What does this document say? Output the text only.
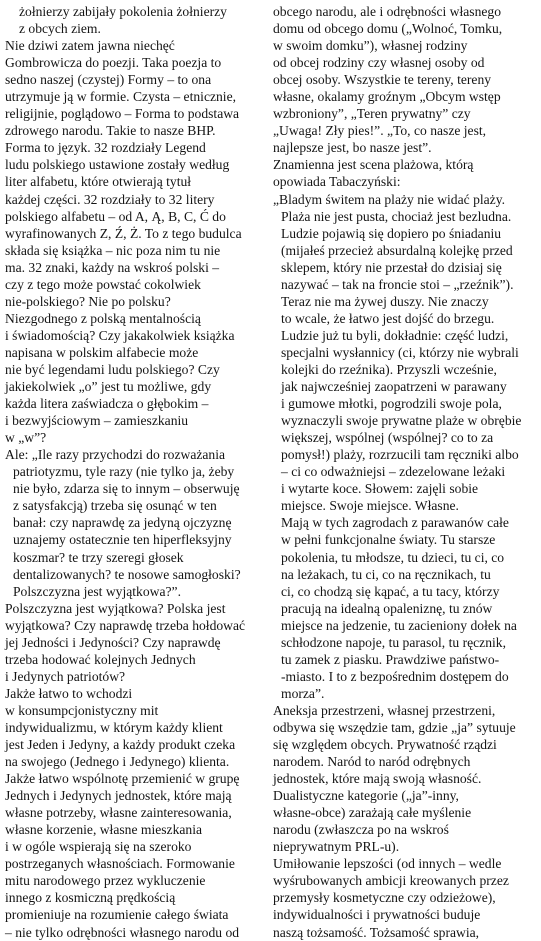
żołnierzy zabijały pokolenia żołnierzy
z obcych ziem.
Nie dziwi zatem jawna niechęć
Gombrowicza do poezji. Taka poezja to
sedno naszej (czystej) Formy – to ona
utrzymuje ją w formie. Czysta – etnicznie,
religijnie, poglądowo – Forma to podstawa
zdrowego narodu. Takie to nasze BHP.
Forma to język. 32 rozdziały Legend
ludu polskiego ustawione zostały według
liter alfabetu, które otwierają tytuł
każdej części. 32 rozdziały to 32 litery
polskiego alfabetu – od A, Ą, B, C, Ć do
wyrafinowanych Z, Ź, Ż. To z tego budulca
składa się książka – nic poza nim tu nie
ma. 32 znaki, każdy na wskroś polski –
czy z tego może powstać cokolwiek
nie-polskiego? Nie po polsku?
Niezgodnego z polską mentalnością
i świadomością? Czy jakakolwiek książka
napisana w polskim alfabecie może
nie być legendami ludu polskiego? Czy
jakiekolwiek „o” jest tu możliwe, gdy
każda litera zaświadcza o głębokim –
i bezwyjściowym – zamieszkaniu
w „w”?
Ale: „Ile razy przychodzi do rozważania
patriotyzmu, tyle razy (nie tylko ja, żeby
nie było, zdarza się to innym – obserwuję
z satysfakcją) trzeba się osunąć w ten
banał: czy naprawdę za jedyną ojczyznę
uznajemy ostatecznie ten hiperfleksyjny
koszmar? te trzy szeregi głosek
dentalizowanych? te nosowe samogłoski?
Polszczyzna jest wyjątkowa?”.
Polszczyzna jest wyjątkowa? Polska jest
wyjątkowa? Czy naprawdę trzeba hołdować
jej Jedności i Jedyności? Czy naprawdę
trzeba hodować kolejnych Jednych
i Jedynych patriotów?
Jakże łatwo to wchodzi
w konsumpcjonistyczny mit
indywidualizmu, w którym każdy klient
jest Jeden i Jedyny, a każdy produkt czeka
na swojego (Jednego i Jedynego) klienta.
Jakże łatwo wspólnotę przemienić w grupę
Jednych i Jedynych jednostek, które mają
własne potrzeby, własne zainteresowania,
własne korzenie, własne mieszkania
i w ogóle wspierają się na szeroko
postrzeganych własnościach. Formowanie
mitu narodowego przez wykluczenie
innego z kosmiczną prędkością
promieniuje na rozumienie całego świata
– nie tylko odrębności własnego narodu od
obcego narodu, ale i odrębności własnego
domu od obcego domu („Wolnoć, Tomku,
w swoim domku”), własnej rodziny
od obcej rodziny czy własnej osoby od
obcej osoby. Wszystkie te tereny, tereny
własne, okalamy groźnym „Obcym wstęp
wzbroniony”, „Teren prywatny” czy
„Uwaga! Zły pies!”. „To, co nasze jest,
najlepsze jest, bo nasze jest”.
Znamienna jest scena plażowa, którą
opowiada Tabaczyński:
„Bladym świtem na plaży nie widać plaży.
Plaża nie jest pusta, chociaż jest bezludna.
Ludzie pojawią się dopiero po śniadaniu
(mijałeś przecież absurdalną kolejkę przed
sklepem, który nie przestał do dzisiaj się
nazywać – tak na froncie stoi – „rzeźnik”).
Teraz nie ma żywej duszy. Nie znaczy
to wcale, że łatwo jest dojść do brzegu.
Ludzie już tu byli, dokładnie: część ludzi,
specjalni wysłannicy (ci, którzy nie wybrali
kolejki do rzeźnika). Przyszli wcześnie,
jak najwcześniej zaopatrzeni w parawany
i gumowe młotki, pogrodzili swoje pola,
wyznaczyli swoje prywatne plaże w obrębie
większej, wspólnej (wspólnej? co to za
pomysł!) plaży, rozrzucili tam ręczniki albo
– ci co odważniejsi – zdezelowane leżaki
i wytarte koce. Słowem: zajęli sobie
miejsce. Swoje miejsce. Własne.
Mają w tych zagrodach z parawanów całe
w pełni funkcjonalne światy. Tu starsze
pokolenia, tu młodsze, tu dzieci, tu ci, co
na leżakach, tu ci, co na ręcznikach, tu
ci, co chodzą się kąpać, a tu tacy, którzy
pracują na idealną opaleniznę, tu znów
miejsce na jedzenie, tu zacieniony dołek na
schłodzone napoje, tu parasol, tu ręcznik,
tu zamek z piasku. Prawdziwe państwo-
-miasto. I to z bezpośrednim dostępem do
morza”.
Aneksja przestrzeni, własnej przestrzeni,
odbywa się wszędzie tam, gdzie „ja” sytuuje
się względem obcych. Prywatność rządzi
narodem. Naród to naród odrębnych
jednostek, które mają swoją własność.
Dualistyczne kategorie („ja”-inny,
własne-obce) zarażają całe myślenie
narodu (zwłaszcza po na wskroś
nieprywatnym PRL-u).
Umiłowanie lepszości (od innych – wedle
wyśrubowanych ambicji kreowanych przez
przemysły kosmetyczne czy odzieżowe),
indywidualności i prywatności buduje
naszą tożsamość. Tożsamość sprawia,
